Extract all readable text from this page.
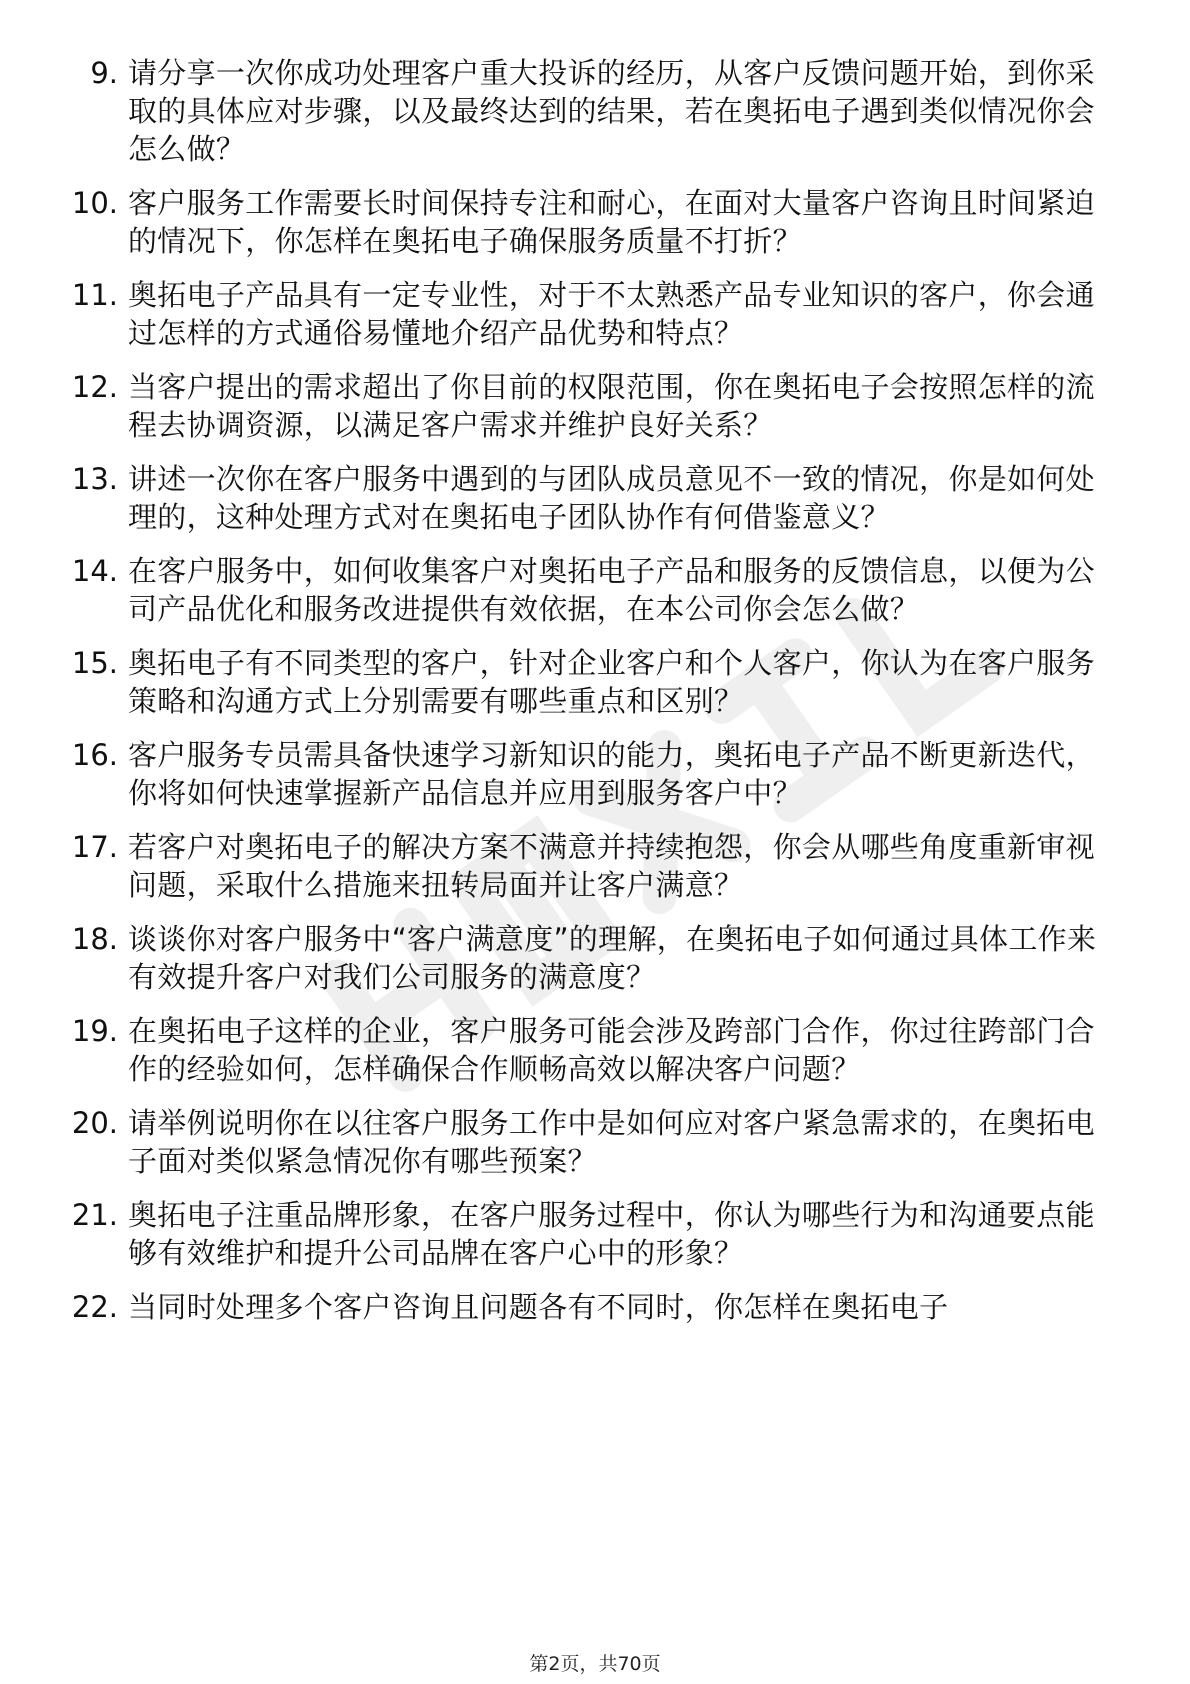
9. 请分享一次你成功处理客户重大投诉的经历，从客户反馈问题开始，到你采取的具体应对步骤，以及最终达到的结果，若在奥拓电子遇到类似情况你会怎么做？
10. 客户服务工作需要长时间保持专注和耐心，在面对大量客户咨询且时间紧迫的情况下，你怎样在奥拓电子确保服务质量不打折？
11. 奥拓电子产品具有一定专业性，对于不太熟悉产品专业知识的客户，你会通过怎样的方式通俗易懂地介绍产品优势和特点？
12. 当客户提出的需求超出了你目前的权限范围，你在奥拓电子会按照怎样的流程去协调资源，以满足客户需求并维护良好关系？
13. 讲述一次你在客户服务中遇到的与团队成员意见不一致的情况，你是如何处理的，这种处理方式对在奥拓电子团队协作有何借鉴意义？
14. 在客户服务中，如何收集客户对奥拓电子产品和服务的反馈信息，以便为公司产品优化和服务改进提供有效依据，在本公司你会怎么做？
15. 奥拓电子有不同类型的客户，针对企业客户和个人客户，你认为在客户服务策略和沟通方式上分别需要有哪些重点和区别？
16. 客户服务专员需具备快速学习新知识的能力，奥拓电子产品不断更新迭代，你将如何快速掌握新产品信息并应用到服务客户中？
17. 若客户对奥拓电子的解决方案不满意并持续抱怨，你会从哪些角度重新审视问题，采取什么措施来扭转局面并让客户满意？
18. 谈谈你对客户服务中“客户满意度”的理解，在奥拓电子如何通过具体工作来有效提升客户对我们公司服务的满意度？
19. 在奥拓电子这样的企业，客户服务可能会涉及跨部门合作，你过往跨部门合作的经验如何，怎样确保合作顺畅高效以解决客户问题？
20. 请举例说明你在以往客户服务工作中是如何应对客户紧急需求的，在奥拓电子面对类似紧急情况你有哪些预案？
21. 奥拓电子注重品牌形象，在客户服务过程中，你认为哪些行为和沟通要点能够有效维护和提升公司品牌在客户心中的形象？
22. 当同时处理多个客户咨询且问题各有不同时，你怎样在奥拓电子
第2页，共70页
